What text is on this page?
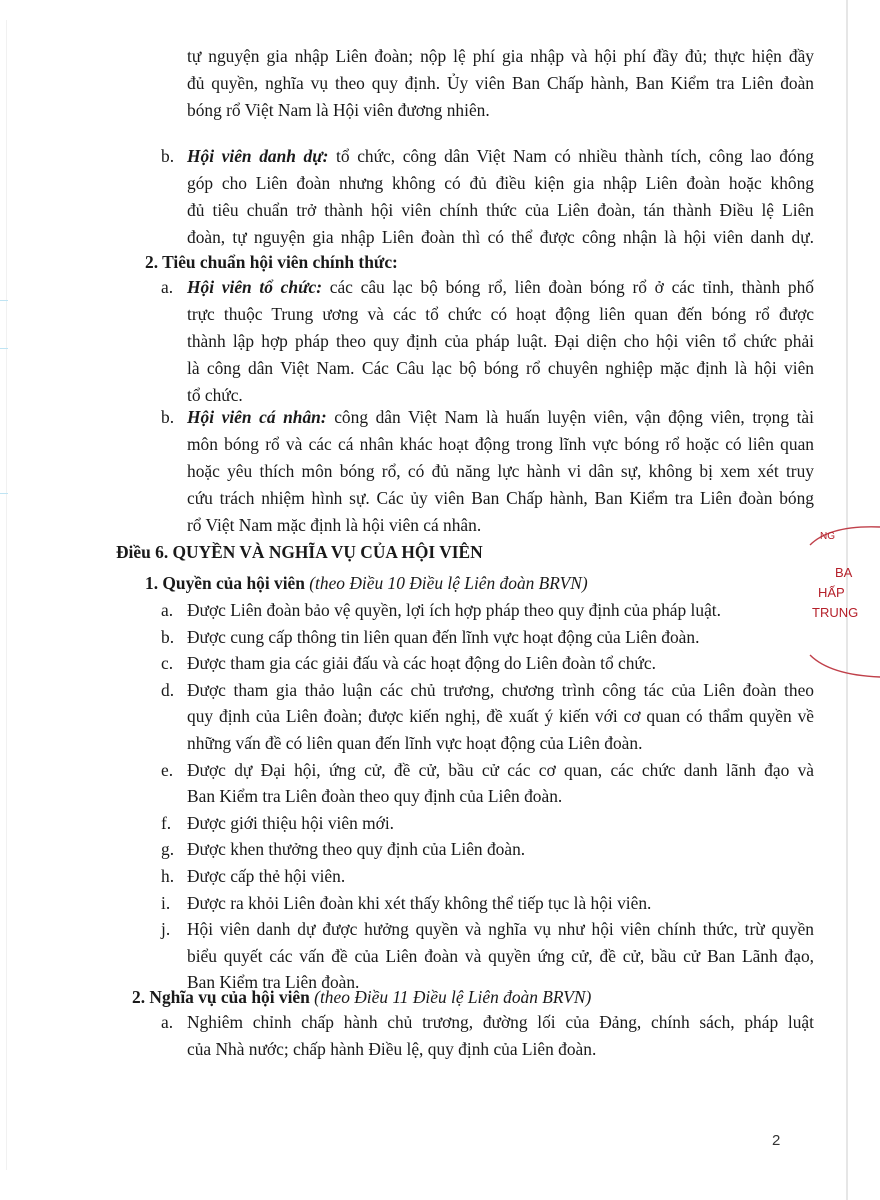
tự nguyện gia nhập Liên đoàn; nộp lệ phí gia nhập và hội phí đầy đủ; thực hiện đầy
đủ quyền, nghĩa vụ theo quy định. Ủy viên Ban Chấp hành, Ban Kiểm tra Liên đoàn
bóng rổ Việt Nam là Hội viên đương nhiên.
b. Hội viên danh dự: tổ chức, công dân Việt Nam có nhiều thành tích, công lao đóng
góp cho Liên đoàn nhưng không có đủ điều kiện gia nhập Liên đoàn hoặc không
đủ tiêu chuẩn trở thành hội viên chính thức của Liên đoàn, tán thành Điều lệ Liên
đoàn, tự nguyện gia nhập Liên đoàn thì có thể được công nhận là hội viên danh dự.
2. Tiêu chuẩn hội viên chính thức:
a. Hội viên tổ chức: các câu lạc bộ bóng rổ, liên đoàn bóng rổ ở các tỉnh, thành phố
trực thuộc Trung ương và các tổ chức có hoạt động liên quan đến bóng rổ được
thành lập hợp pháp theo quy định của pháp luật. Đại diện cho hội viên tổ chức phải
là công dân Việt Nam. Các Câu lạc bộ bóng rổ chuyên nghiệp mặc định là hội viên
tổ chức.
b. Hội viên cá nhân: công dân Việt Nam là huấn luyện viên, vận động viên, trọng tài
môn bóng rổ và các cá nhân khác hoạt động trong lĩnh vực bóng rổ hoặc có liên quan
hoặc yêu thích môn bóng rổ, có đủ năng lực hành vi dân sự, không bị xem xét truy
cứu trách nhiệm hình sự. Các ủy viên Ban Chấp hành, Ban Kiểm tra Liên đoàn bóng
rổ Việt Nam mặc định là hội viên cá nhân.
Điều 6. QUYỀN VÀ NGHĨA VỤ CỦA HỘI VIÊN
1. Quyền của hội viên (theo Điều 10 Điều lệ Liên đoàn BRVN)
a. Được Liên đoàn bảo vệ quyền, lợi ích hợp pháp theo quy định của pháp luật.
b. Được cung cấp thông tin liên quan đến lĩnh vực hoạt động của Liên đoàn.
c. Được tham gia các giải đấu và các hoạt động do Liên đoàn tổ chức.
d. Được tham gia thảo luận các chủ trương, chương trình công tác của Liên đoàn theo
quy định của Liên đoàn; được kiến nghị, đề xuất ý kiến với cơ quan có thẩm quyền về
những vấn đề có liên quan đến lĩnh vực hoạt động của Liên đoàn.
e. Được dự Đại hội, ứng cử, đề cử, bầu cử các cơ quan, các chức danh lãnh đạo và
Ban Kiểm tra Liên đoàn theo quy định của Liên đoàn.
f. Được giới thiệu hội viên mới.
g. Được khen thưởng theo quy định của Liên đoàn.
h. Được cấp thẻ hội viên.
i. Được ra khỏi Liên đoàn khi xét thấy không thể tiếp tục là hội viên.
j. Hội viên danh dự được hưởng quyền và nghĩa vụ như hội viên chính thức, trừ quyền
biểu quyết các vấn đề của Liên đoàn và quyền ứng cử, đề cử, bầu cử Ban Lãnh đạo,
Ban Kiểm tra Liên đoàn.
2. Nghĩa vụ của hội viên (theo Điều 11 Điều lệ Liên đoàn BRVN)
a. Nghiêm chỉnh chấp hành chủ trương, đường lối của Đảng, chính sách, pháp luật
của Nhà nước; chấp hành Điều lệ, quy định của Liên đoàn.
NG
BA
HẤP
TRUNG
2
